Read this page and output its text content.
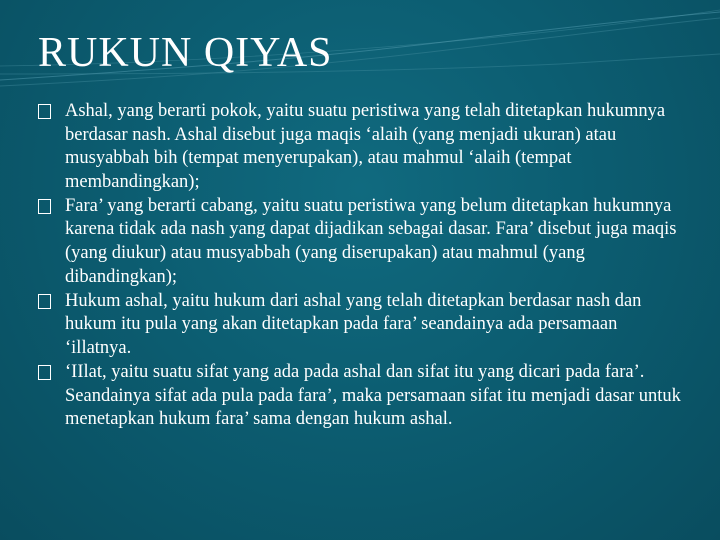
RUKUN QIYAS

Ashal, yang berarti pokok, yaitu suatu peristiwa yang telah ditetapkan hukumnya berdasar nash. Ashal disebut juga maqis ‘alaih (yang menjadi ukuran) atau musyabbah bih (tempat menyerupakan), atau mahmul ‘alaih (tempat membandingkan);

Fara’ yang berarti cabang, yaitu suatu peristiwa yang belum ditetapkan hukumnya karena tidak ada nash yang dapat dijadikan sebagai dasar. Fara’ disebut juga maqis (yang diukur) atau musyabbah (yang diserupakan) atau mahmul (yang dibandingkan);

Hukum ashal, yaitu hukum dari ashal yang telah ditetapkan berdasar nash dan hukum itu pula yang akan ditetapkan pada fara’ seandainya ada persamaan ‘illatnya.

‘IIlat, yaitu suatu sifat yang ada pada ashal dan sifat itu yang dicari pada fara’. Seandainya sifat ada pula pada fara’, maka persamaan sifat itu menjadi dasar untuk menetapkan hukum fara’ sama dengan hukum ashal.
